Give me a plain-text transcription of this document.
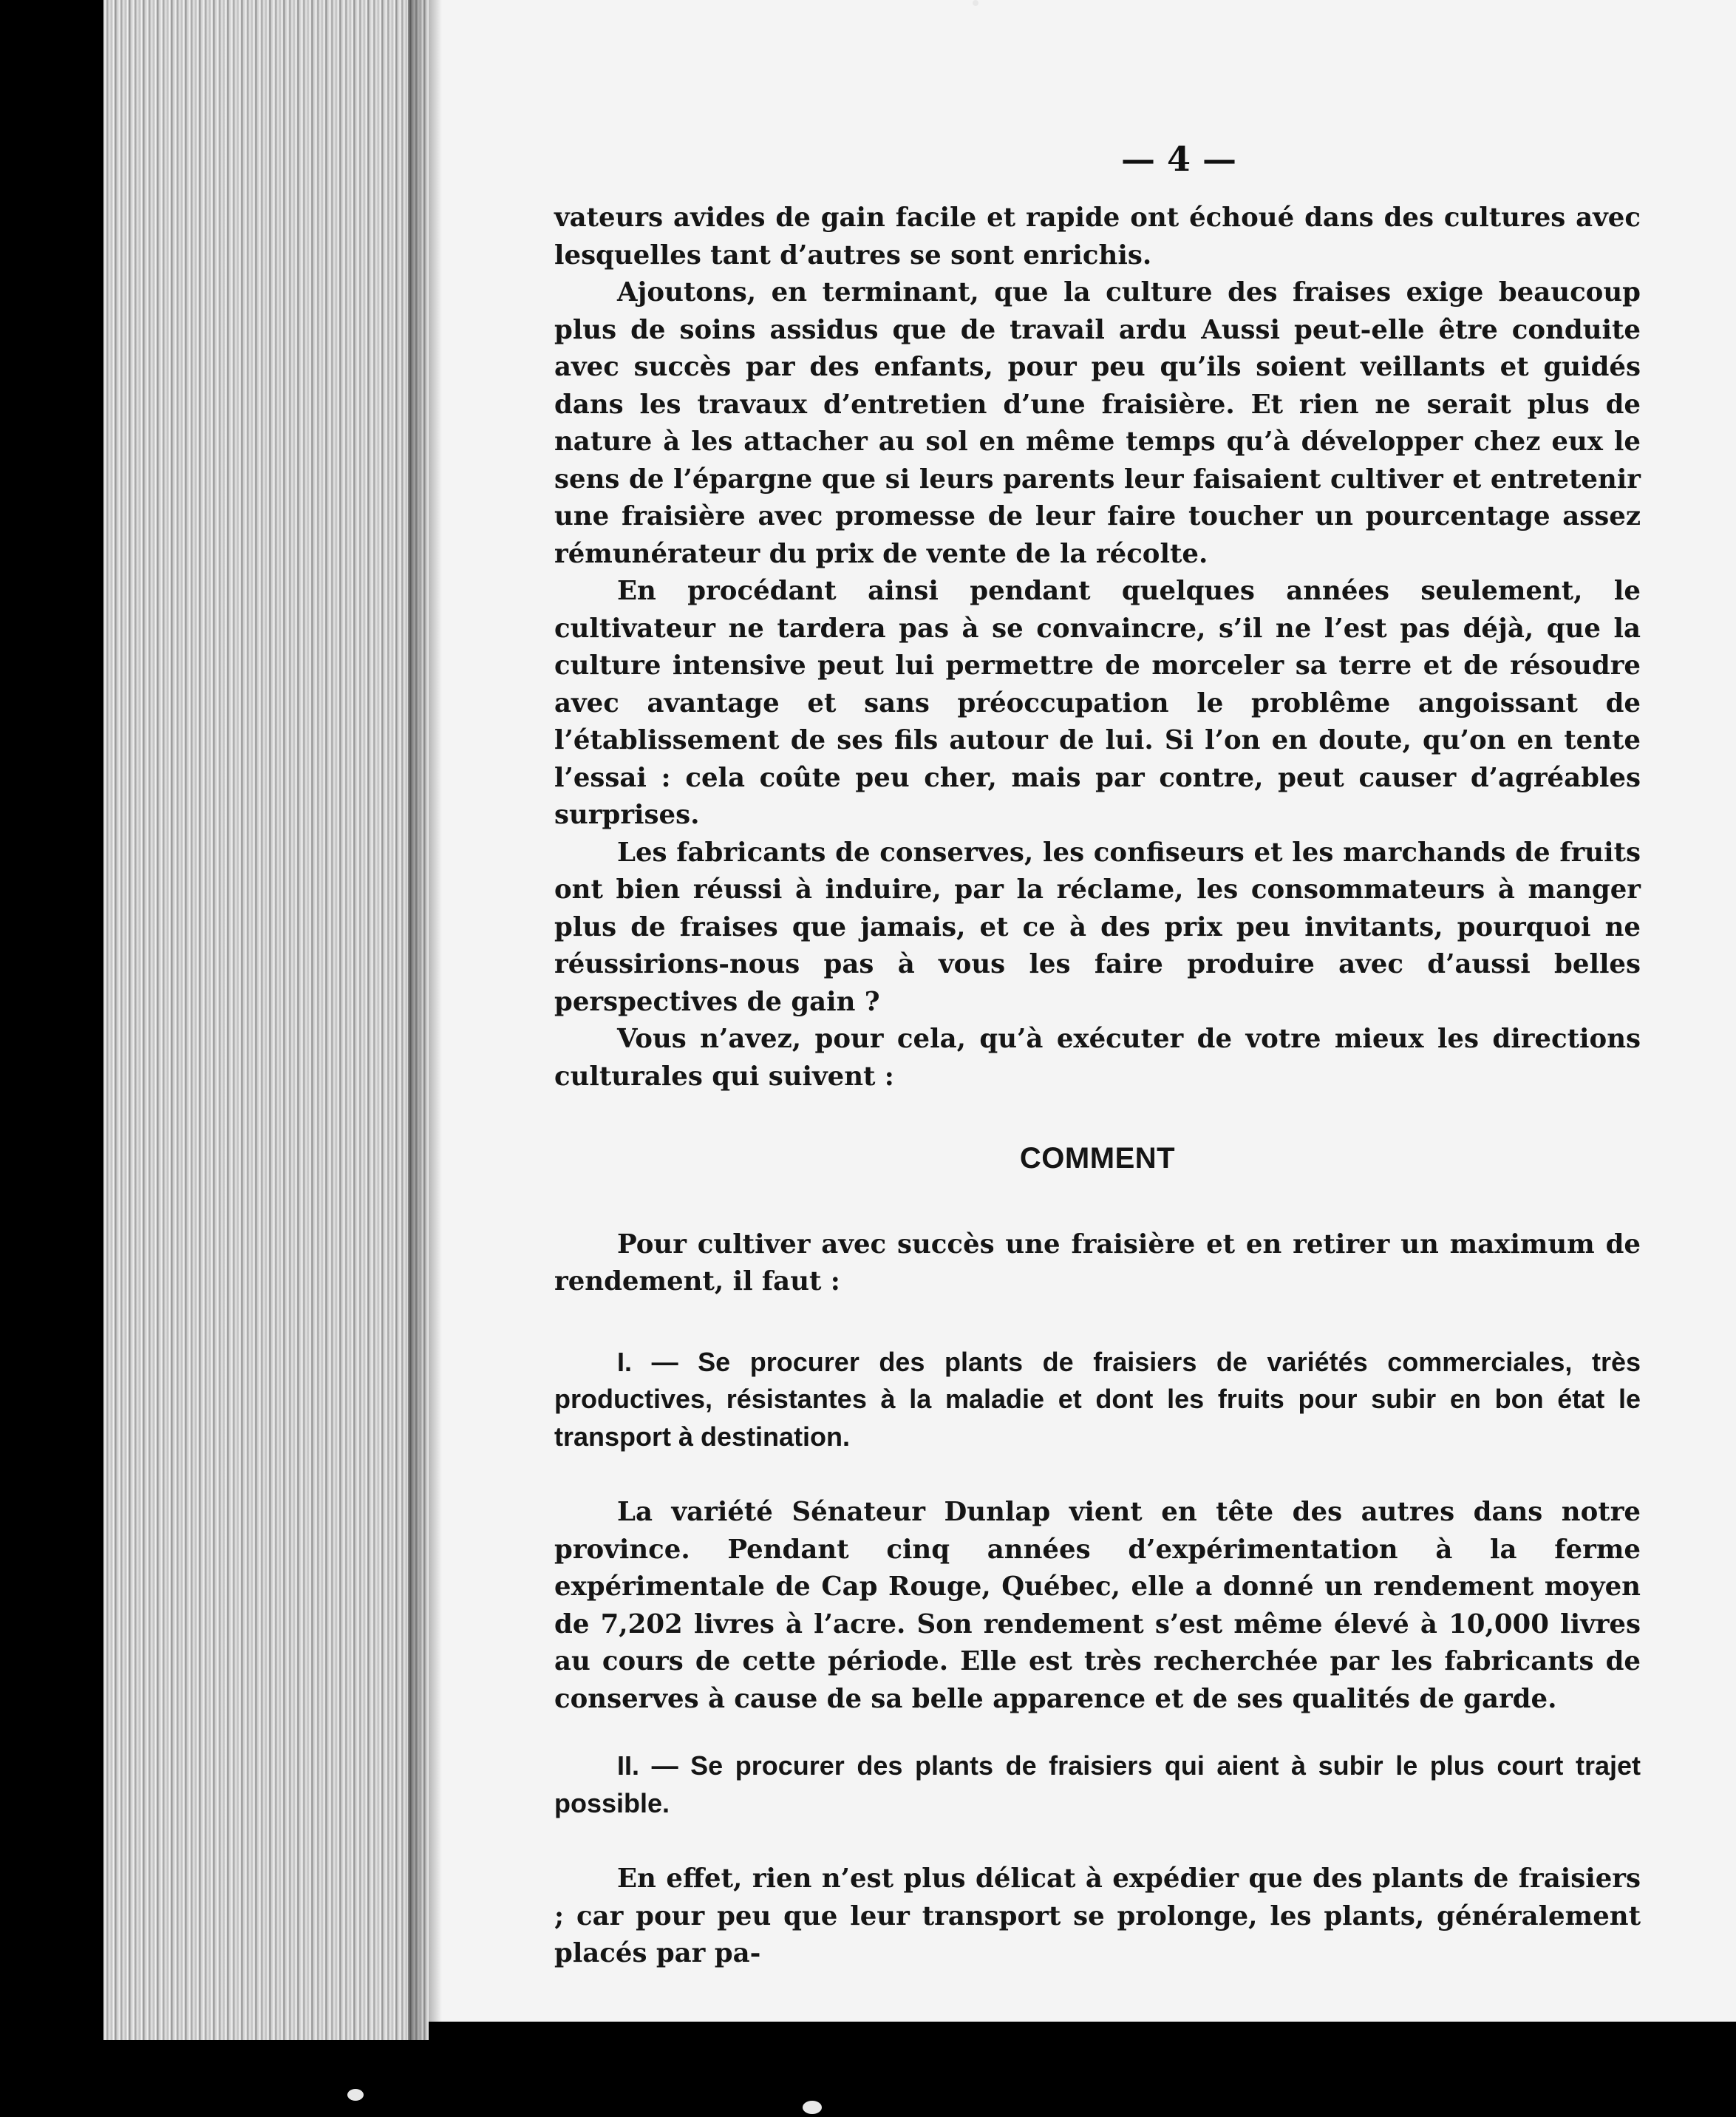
— 4 —

vateurs avides de gain facile et rapide ont échoué dans des cultures avec lesquelles tant d’autres se sont enrichis.

Ajoutons, en terminant, que la culture des fraises exige beaucoup plus de soins assidus que de travail ardu Aussi peut-elle être conduite avec succès par des enfants, pour peu qu’ils soient veillants et guidés dans les travaux d’entretien d’une fraisière. Et rien ne serait plus de nature à les attacher au sol en même temps qu’à développer chez eux le sens de l’épargne que si leurs parents leur faisaient cultiver et entretenir une fraisière avec promesse de leur faire toucher un pourcentage assez rémunérateur du prix de vente de la récolte.

En procédant ainsi pendant quelques années seulement, le cultivateur ne tardera pas à se convaincre, s’il ne l’est pas déjà, que la culture intensive peut lui permettre de morceler sa terre et de résoudre avec avantage et sans préoccupation le problême angoissant de l’établissement de ses fils autour de lui. Si l’on en doute, qu’on en tente l’essai : cela coûte peu cher, mais par contre, peut causer d’agréables surprises.

Les fabricants de conserves, les confiseurs et les marchands de fruits ont bien réussi à induire, par la réclame, les consommateurs à manger plus de fraises que jamais, et ce à des prix peu invitants, pourquoi ne réussirions-nous pas à vous les faire produire avec d’aussi belles perspectives de gain ?

Vous n’avez, pour cela, qu’à exécuter de votre mieux les directions culturales qui suivent :

COMMENT

Pour cultiver avec succès une fraisière et en retirer un maximum de rendement, il faut :

I. — Se procurer des plants de fraisiers de variétés commerciales, très productives, résistantes à la maladie et dont les fruits pour subir en bon état le transport à destination.

La variété Sénateur Dunlap vient en tête des autres dans notre province. Pendant cinq années d’expérimentation à la ferme expérimentale de Cap Rouge, Québec, elle a donné un rendement moyen de 7,202 livres à l’acre. Son rendement s’est même élevé à 10,000 livres au cours de cette période. Elle est très recherchée par les fabricants de conserves à cause de sa belle apparence et de ses qualités de garde.

II. — Se procurer des plants de fraisiers qui aient à subir le plus court trajet possible.

En effet, rien n’est plus délicat à expédier que des plants de fraisiers ; car pour peu que leur transport se prolonge, les plants, généralement placés par pa-
